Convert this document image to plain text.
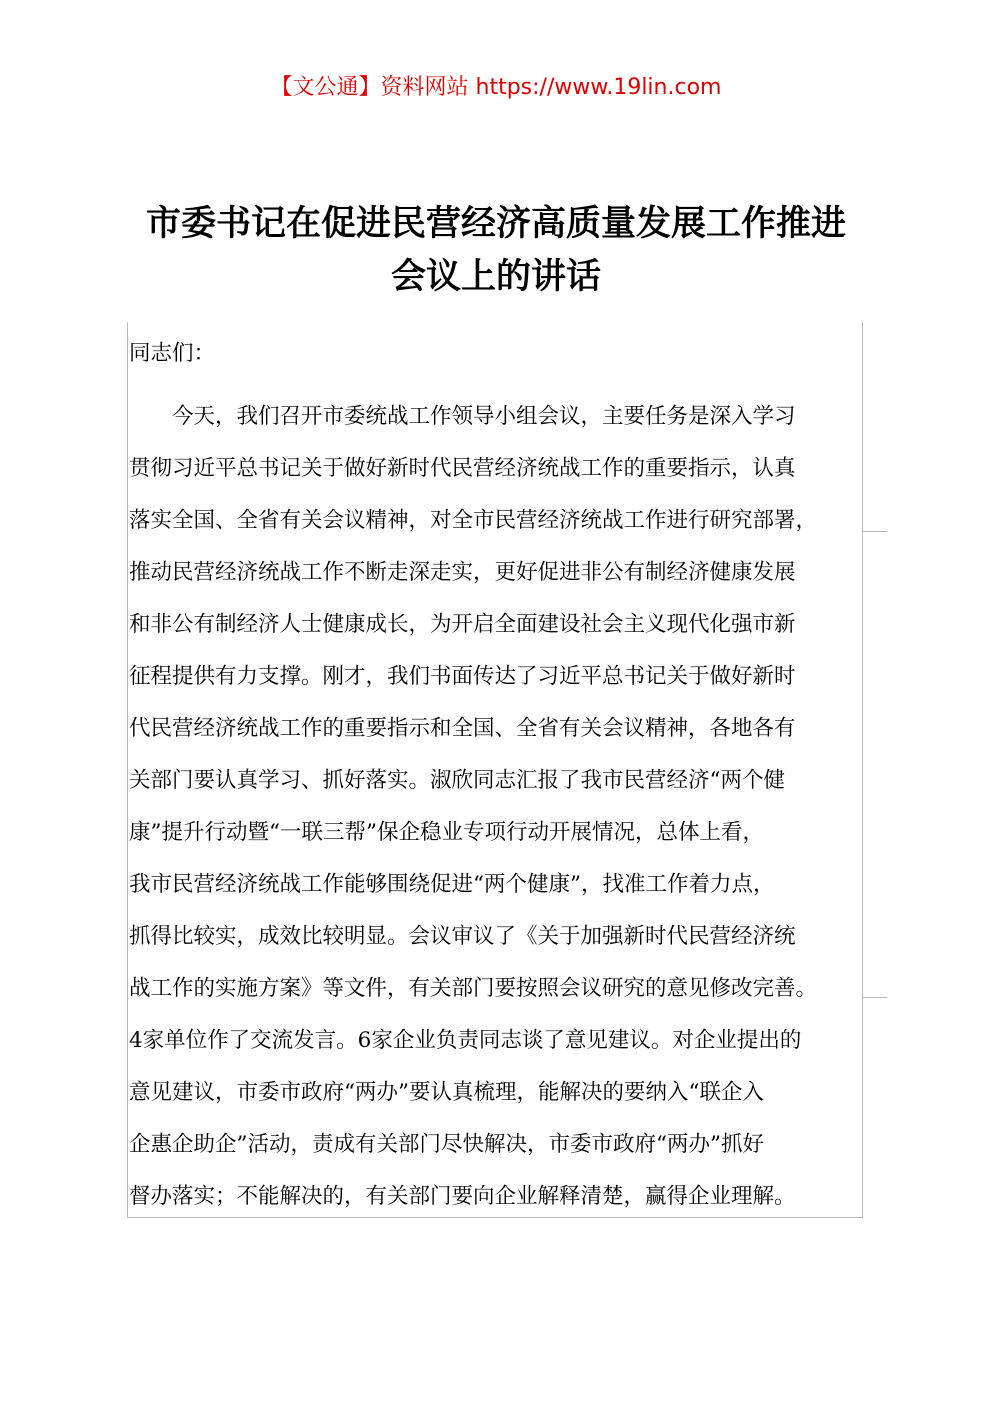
【文公通】资料网站 https://www.19lin.com
市委书记在促进民营经济高质量发展工作推进
会议上的讲话
同志们：
　　今天，我们召开市委统战工作领导小组会议，主要任务是深入学习
贯彻习近平总书记关于做好新时代民营经济统战工作的重要指示，认真
落实全国、全省有关会议精神，对全市民营经济统战工作进行研究部署，
推动民营经济统战工作不断走深走实，更好促进非公有制经济健康发展
和非公有制经济人士健康成长，为开启全面建设社会主义现代化强市新
征程提供有力支撑。刚才，我们书面传达了习近平总书记关于做好新时
代民营经济统战工作的重要指示和全国、全省有关会议精神，各地各有
关部门要认真学习、抓好落实。淑欣同志汇报了我市民营经济“两个健
康”提升行动暨“一联三帮”保企稳业专项行动开展情况，总体上看，
我市民营经济统战工作能够围绕促进“两个健康”，找准工作着力点，
抓得比较实，成效比较明显。会议审议了《关于加强新时代民营经济统
战工作的实施方案》等文件，有关部门要按照会议研究的意见修改完善。
4家单位作了交流发言。6家企业负责同志谈了意见建议。对企业提出的
意见建议，市委市政府“两办”要认真梳理，能解决的要纳入“联企入
企惠企助企”活动，责成有关部门尽快解决，市委市政府“两办”抓好
督办落实；不能解决的，有关部门要向企业解释清楚，赢得企业理解。
